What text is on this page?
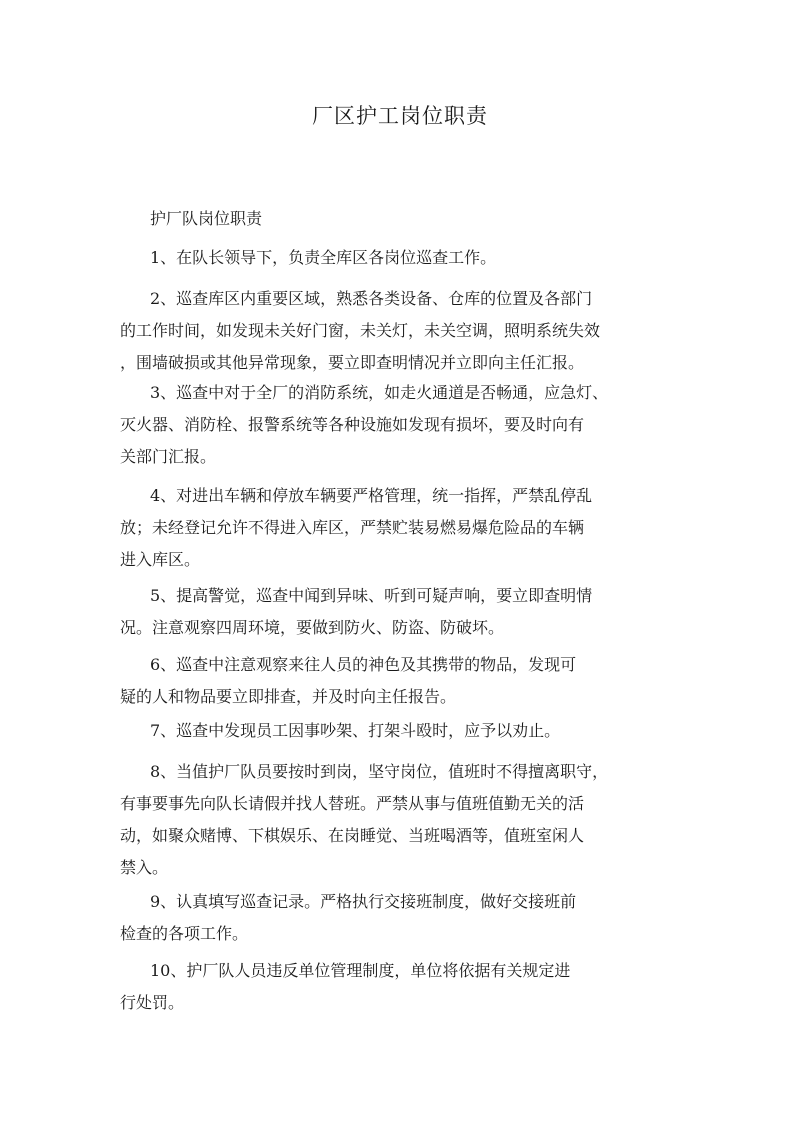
厂区护工岗位职责

护厂队岗位职责

1、在队长领导下，负责全库区各岗位巡查工作。

2、巡查库区内重要区域，熟悉各类设备、仓库的位置及各部门
的工作时间，如发现未关好门窗，未关灯，未关空调，照明系统失效
，围墙破损或其他异常现象，要立即查明情况并立即向主任汇报。

3、巡查中对于全厂的消防系统，如走火通道是否畅通，应急灯、
灭火器、消防栓、报警系统等各种设施如发现有损坏，要及时向有
关部门汇报。

4、对进出车辆和停放车辆要严格管理，统一指挥，严禁乱停乱
放；未经登记允许不得进入库区，严禁贮装易燃易爆危险品的车辆
进入库区。

5、提高警觉，巡查中闻到异味、听到可疑声响，要立即查明情
况。注意观察四周环境，要做到防火、防盗、防破坏。

6、巡查中注意观察来往人员的神色及其携带的物品，发现可
疑的人和物品要立即排查，并及时向主任报告。

7、巡查中发现员工因事吵架、打架斗殴时，应予以劝止。

8、当值护厂队员要按时到岗，坚守岗位，值班时不得擅离职守，
有事要事先向队长请假并找人替班。严禁从事与值班值勤无关的活
动，如聚众赌博、下棋娱乐、在岗睡觉、当班喝酒等，值班室闲人
禁入。

9、认真填写巡查记录。严格执行交接班制度，做好交接班前
检查的各项工作。

10、护厂队人员违反单位管理制度，单位将依据有关规定进
行处罚。
